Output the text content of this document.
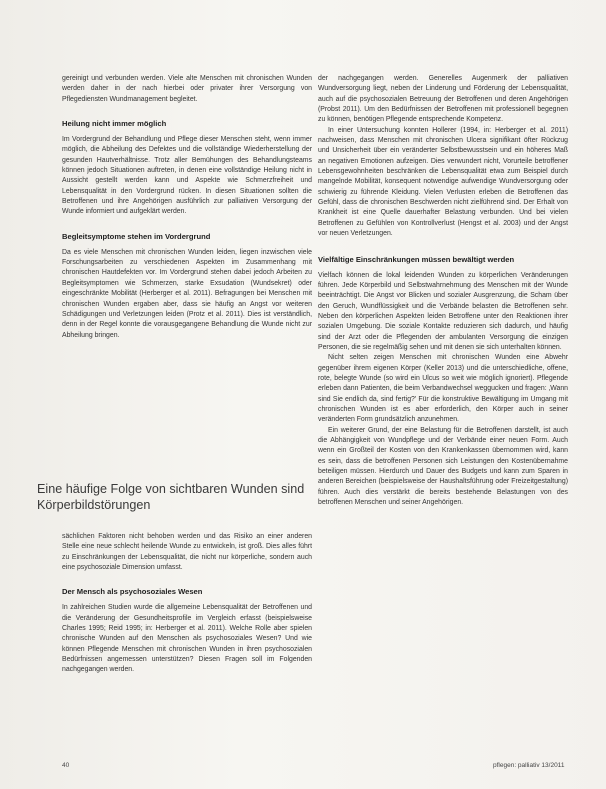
gereinigt und verbunden werden. Viele alte Menschen mit chronischen Wunden werden daher in der nach hierbei oder privater ihrer Versorgung von Pflegediensten Wundmanagement begleitet.

Heilung nicht immer möglich

Im Vordergrund der Behandlung und Pflege dieser Menschen steht, wenn immer möglich, die Abheilung des Defektes und die vollständige Wiederherstellung der gesunden Hautverhältnisse. Trotz aller Bemühungen des Behandlungsteams können jedoch Situationen auftreten, in denen eine vollständige Heilung nicht in Aussicht gestellt werden kann und Aspekte wie Schmerzfreiheit und Lebensqualität in den Vordergrund rücken. In diesen Situationen sollten die Betroffenen und ihre Angehörigen ausführlich zur palliativen Versorgung der Wunde informiert und aufgeklärt werden.

Begleitsymptome stehen im Vordergrund

Da es viele Menschen mit chronischen Wunden leiden, liegen inzwischen viele Forschungsarbeiten zu verschiedenen Aspekten im Zusammenhang mit chronischen Hautdefekten vor. Im Vordergrund stehen dabei jedoch Arbeiten zu Begleitsymptomen wie Schmerzen, starke Exsudation (Wundsekret) oder eingeschränkte Mobilität (Herberger et al. 2011). Befragungen bei Menschen mit chronischen Wunden ergaben aber, dass sie häufig an Angst vor weiteren Schädigungen und Verletzungen leiden (Protz et al. 2011). Dies ist verständlich, denn in der Regel konnte die vorausgegangene Behandlung die Wunde nicht zur Abheilung bringen.

Eine häufige Folge von sichtbaren Wunden sind Körperbildstörungen

sächlichen Faktoren nicht behoben werden und das Risiko an einer anderen Stelle eine neue schlecht heilende Wunde zu entwickeln, ist groß. Dies alles führt zu Einschränkungen der Lebensqualität, die nicht nur körperliche, sondern auch eine psychosoziale Dimension umfasst.

Der Mensch als psychosoziales Wesen

In zahlreichen Studien wurde die allgemeine Lebensqualität der Betroffenen und die Veränderung der Gesundheitsprofile im Vergleich erfasst (beispielsweise Charles 1995; Reid 1995; in: Herberger et al. 2011). Welche Rolle aber spielen chronische Wunden auf den Menschen als psychosoziales Wesen? Und wie können Pflegende Menschen mit chronischen Wunden in ihren psychosozialen Bedürfnissen angemessen unterstützen? Diesen Fragen soll im Folgenden nachgegangen werden.

der nachgegangen werden. Generelles Augenmerk der palliativen Wundversorgung liegt, neben der Linderung und Förderung der Lebensqualität, auch auf die psychosozialen Betreuung der Betroffenen und deren Angehörigen (Probst 2011). Um den Bedürfnissen der Betroffenen mit professionell begegnen zu können, benötigen Pflegende entsprechende Kompetenz.

In einer Untersuchung konnten Hollerer (1994, in: Herberger et al. 2011) nachweisen, dass Menschen mit chronischen Ulcera signifikant öfter Rückzug und Unsicherheit über ein veränderter Selbstbewusstsein und ein höheres Maß an negativen Emotionen aufzeigen. Dies verwundert nicht, Vorurteile betroffener Lebensgewohnheiten beschränken die Lebensqualität etwa zum Beispiel durch mangelnde Mobilität, konsequent notwendige aufwendige Wundversorgung oder schwierig zu führende Kleidung. Vielen Verlusten erleben die Betroffenen das Gefühl, dass die chronischen Beschwerden nicht zielführend sind. Der Erhalt von Krankheit ist eine Quelle dauerhafter Belastung verbunden. Und bei vielen Betroffenen zu Gefühlen von Kontrollverlust (Hengst et al. 2003) und der Angst vor neuen Verletzungen.

Vielfältige Einschränkungen müssen bewältigt werden

Vielfach können die lokal leidenden Wunden zu körperlichen Veränderungen führen. Jede Körperbild und Selbstwahrnehmung des Menschen mit der Wunde beeinträchtigt. Die Angst vor Blicken und sozialer Ausgrenzung, die Scham über den Geruch, Wundflüssigkeit und die Verbände belasten die Betroffenen sehr. Neben den körperlichen Aspekten leiden Betroffene unter den Reaktionen ihrer sozialen Umgebung. Die soziale Kontakte reduzieren sich dadurch, und häufig sind der Arzt oder die Pflegenden der ambulanten Versorgung die einzigen Personen, die sie regelmäßig sehen und mit denen sie sich unterhalten können.

Nicht selten zeigen Menschen mit chronischen Wunden eine Abwehr gegenüber ihrem eigenen Körper (Keller 2013) und die unterschiedliche, offene, rote, belegte Wunde (so wird ein Ulcus so weit wie möglich ignoriert). Pflegende erleben dann Patienten, die beim Verbandwechsel weggucken und fragen: ‚Wann sind Sie endlich da, sind fertig?' Für die konstruktive Bewältigung im Umgang mit chronischen Wunden ist es aber erforderlich, den Körper auch in seiner veränderten Form grundsätzlich anzunehmen.

Ein weiterer Grund, der eine Belastung für die Betroffenen darstellt, ist auch die Abhängigkeit von Wundpflege und der Verbände einer neuen Form. Auch wenn ein Großteil der Kosten von den Krankenkassen übernommen wird, kann es sein, dass die betroffenen Personen sich Leistungen den Kostenübernahme beteiligen müssen. Hierdurch und Dauer des Budgets und kann zum Sparen in anderen Bereichen (beispielsweise der Haushaltsführung oder Freizeitgestaltung) führen. Auch dies verstärkt die bereits bestehende Belastungen von des betroffenen Menschen und seiner Angehörigen.

40	pflegen: palliativ 13/2011
